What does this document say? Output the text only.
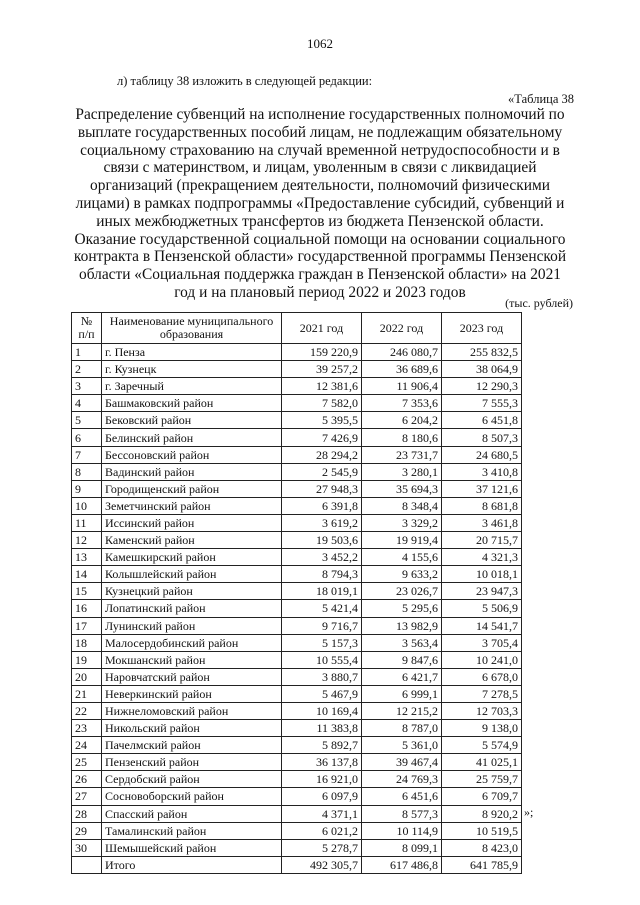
1062
л) таблицу 38 изложить в следующей редакции:
«Таблица 38
Распределение субвенций на исполнение государственных полномочий по выплате государственных пособий лицам, не подлежащим обязательному социальному страхованию на случай временной нетрудоспособности и в связи с материнством, и лицам, уволенным в связи с ликвидацией организаций (прекращением деятельности, полномочий физическими лицами) в рамках подпрограммы «Предоставление субсидий, субвенций и иных межбюджетных трансфертов из бюджета Пензенской области. Оказание государственной социальной помощи на основании социального контракта в Пензенской области» государственной программы Пензенской области «Социальная поддержка граждан в Пензенской области» на 2021 год и на плановый период 2022 и 2023 годов
(тыс. рублей)
№ п/п	Наименование муниципального образования	2021 год	2022 год	2023 год
1	г. Пенза	159 220,9	246 080,7	255 832,5
2	г. Кузнецк	39 257,2	36 689,6	38 064,9
3	г. Заречный	12 381,6	11 906,4	12 290,3
4	Башмаковский район	7 582,0	7 353,6	7 555,3
5	Бековский район	5 395,5	6 204,2	6 451,8
6	Белинский район	7 426,9	8 180,6	8 507,3
7	Бессоновский район	28 294,2	23 731,7	24 680,5
8	Вадинский район	2 545,9	3 280,1	3 410,8
9	Городищенский район	27 948,3	35 694,3	37 121,6
10	Земетчинский район	6 391,8	8 348,4	8 681,8
11	Иссинский район	3 619,2	3 329,2	3 461,8
12	Каменский район	19 503,6	19 919,4	20 715,7
13	Камешкирский район	3 452,2	4 155,6	4 321,3
14	Колышлейский район	8 794,3	9 633,2	10 018,1
15	Кузнецкий район	18 019,1	23 026,7	23 947,3
16	Лопатинский район	5 421,4	5 295,6	5 506,9
17	Лунинский район	9 716,7	13 982,9	14 541,7
18	Малосердобинский район	5 157,3	3 563,4	3 705,4
19	Мокшанский район	10 555,4	9 847,6	10 241,0
20	Наровчатский район	3 880,7	6 421,7	6 678,0
21	Неверкинский район	5 467,9	6 999,1	7 278,5
22	Нижнеломовский район	10 169,4	12 215,2	12 703,3
23	Никольский район	11 383,8	8 787,0	9 138,0
24	Пачелмский район	5 892,7	5 361,0	5 574,9
25	Пензенский район	36 137,8	39 467,4	41 025,1
26	Сердобский район	16 921,0	24 769,3	25 759,7
27	Сосновоборский район	6 097,9	6 451,6	6 709,7
28	Спасский район	4 371,1	8 577,3	8 920,2
29	Тамалинский район	6 021,2	10 114,9	10 519,5
30	Шемышейский район	5 278,7	8 099,1	8 423,0
	Итого	492 305,7	617 486,8	641 785,9
»;
